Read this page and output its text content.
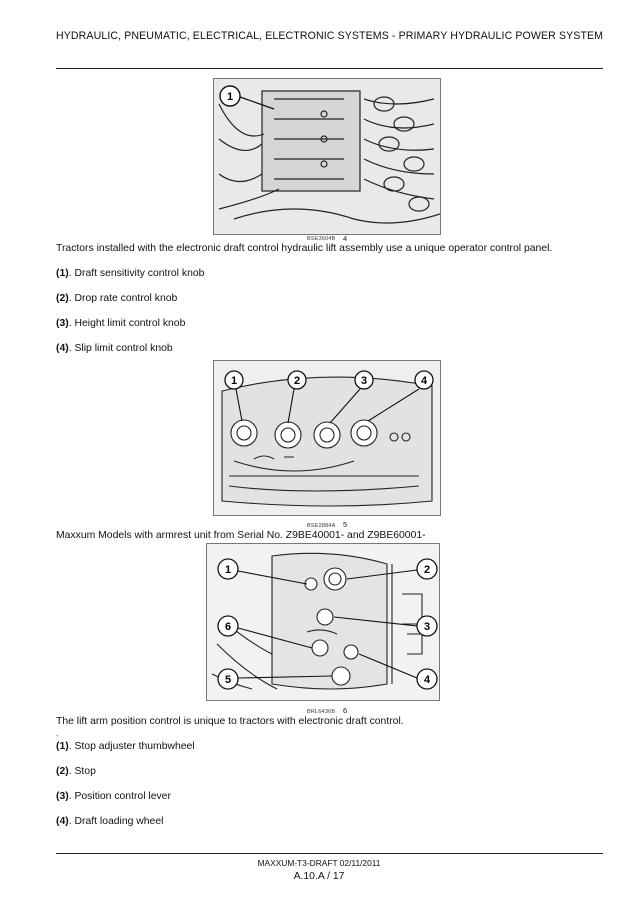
HYDRAULIC, PNEUMATIC, ELECTRICAL, ELECTRONIC SYSTEMS - PRIMARY HYDRAULIC POWER SYSTEM
1
BSE3604B 4
Tractors installed with the electronic draft control hydraulic lift assembly use a unique operator control panel.
(1). Draft sensitivity control knob
(2). Drop rate control knob
(3). Height limit control knob
(4). Slip limit control knob
1	2	3	4
BSE2884A 5
Maxxum Models with armrest unit from Serial No. Z9BE40001- and Z9BE60001-
1	2
3
4
5
6
BRL6436B 6
The lift arm position control is unique to tractors with electronic draft control.
.
(1). Stop adjuster thumbwheel
(2). Stop
(3). Position control lever
(4). Draft loading wheel
MAXXUM-T3-DRAFT 02/11/2011
A.10.A / 17
